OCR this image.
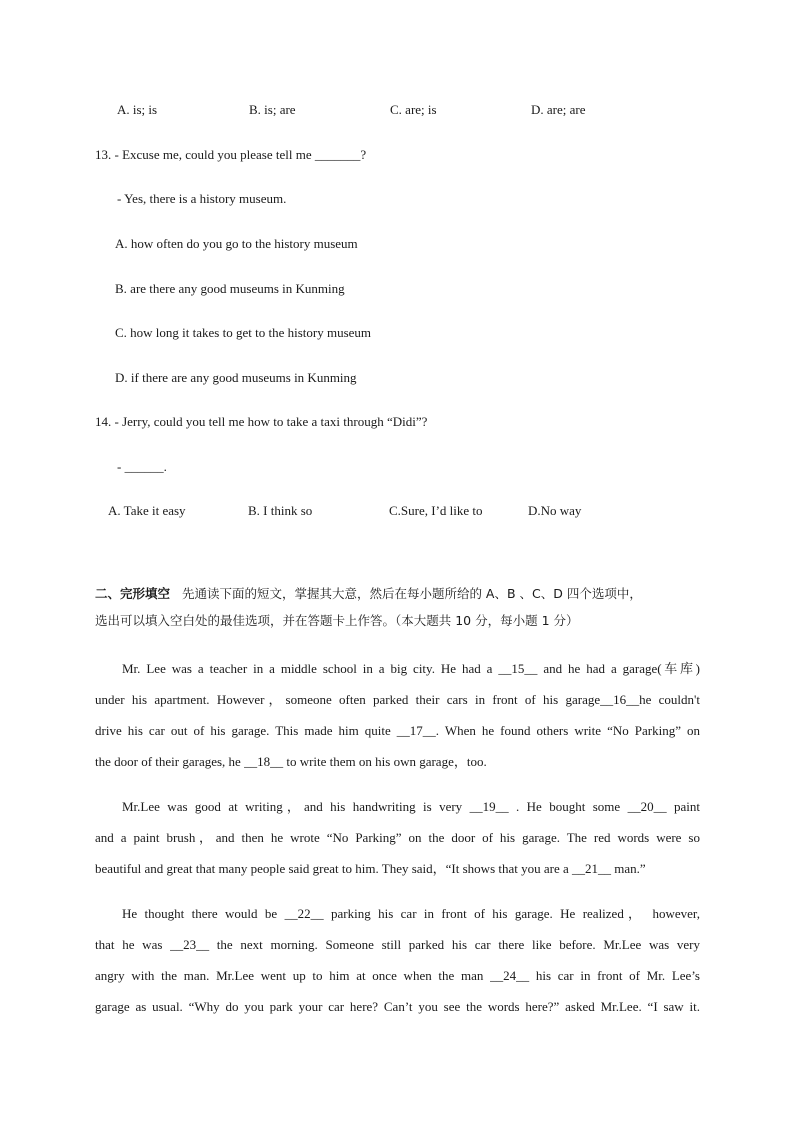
A. is; is	B. is; are	C. are; is	D. are; are
13. - Excuse me, could you please tell me _______?
- Yes, there is a history museum.
A. how often do you go to the history museum
B. are there any good museums in Kunming
C. how long it takes to get to the history museum
D. if there are any good museums in Kunming
14. - Jerry, could you tell me how to take a taxi through “Didi”?
- ______.
A. Take it easy	B. I think so	C.Sure, I’d like to	D.No way
二、完形填空 先通读下面的短文，掌握其大意，然后在每小题所给的 A、B 、C、D 四个选项中，
选出可以填入空白处的最佳选项，并在答题卡上作答。（本大题共 10 分，每小题 1 分）
Mr. Lee was a teacher in a middle school in a big city. He had a __15__ and he had a garage(车库)
under his apartment. However，someone often parked their cars in front of his garage__16__he couldn't
drive his car out of his garage. This made him quite __17__. When he found others write “No Parking” on
the door of their garages, he __18__ to write them on his own garage，too.
Mr.Lee was good at writing，and his handwriting is very __19__ . He bought some __20__ paint
and a paint brush，and then he wrote “No Parking” on the door of his garage. The red words were so
beautiful and great that many people said great to him. They said，“It shows that you are a __21__ man.”
He thought there would be __22__ parking his car in front of his garage. He realized， however,
that he was __23__ the next morning. Someone still parked his car there like before. Mr.Lee was very
angry with the man. Mr.Lee went up to him at once when the man __24__ his car in front of Mr. Lee’s
garage as usual. “Why do you park your car here? Can’t you see the words here?” asked Mr.Lee. “I saw it.
